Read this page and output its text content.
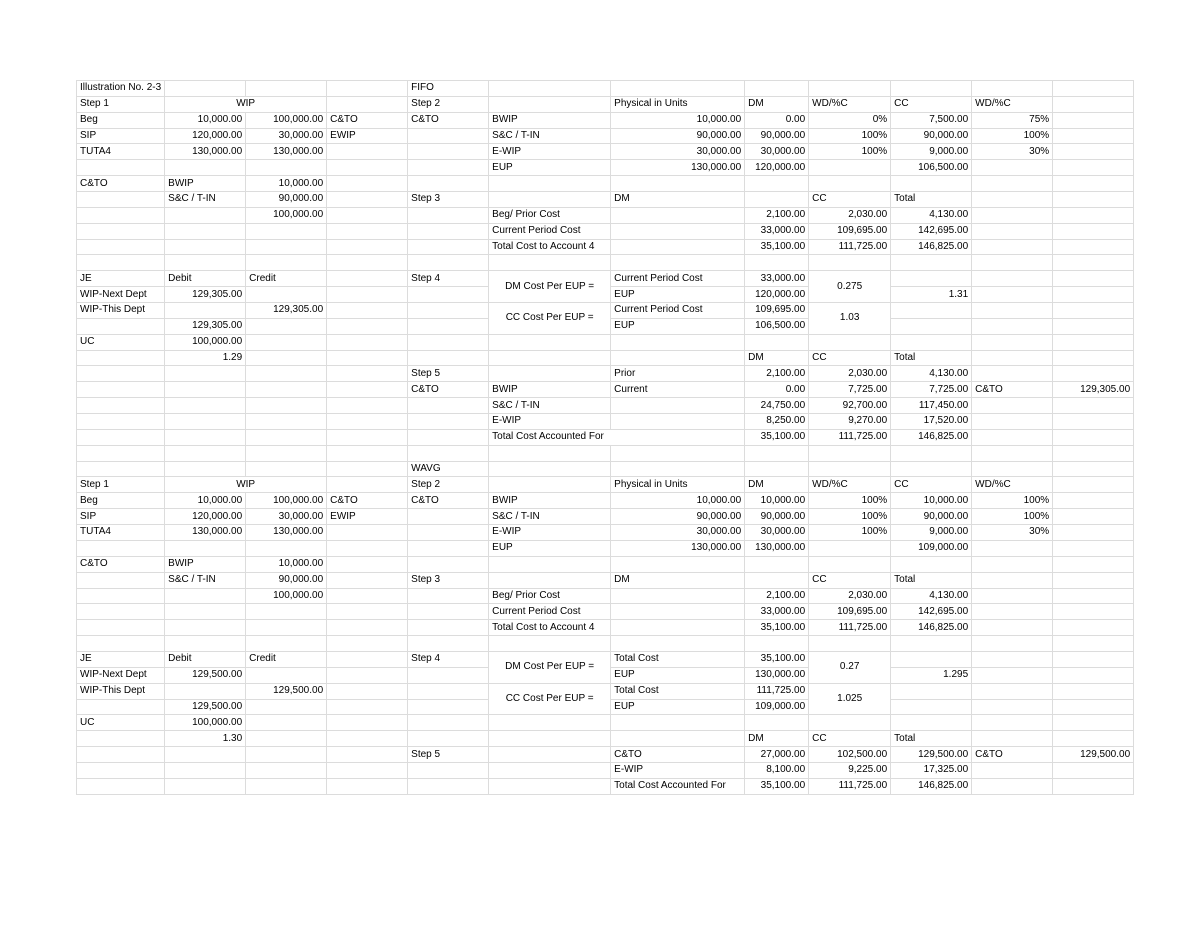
Illustration No. 2-3				FIFO							
Step 1	WIP			Step 2		Physical in Units	DM	WD/%C	CC	WD/%C	
Beg	10,000.00	100,000.00	C&TO	C&TO	BWIP	10,000.00	0.00	0%	7,500.00	75%	
SIP	120,000.00	30,000.00	EWIP		S&C / T-IN	90,000.00	90,000.00	100%	90,000.00	100%	
TUTA4	130,000.00	130,000.00			E-WIP	30,000.00	30,000.00	100%	9,000.00	30%	
					EUP	130,000.00	120,000.00		106,500.00		
C&TO	BWIP	10,000.00									
	S&C / T-IN	90,000.00		Step 3		DM		CC	Total		
		100,000.00			Beg/ Prior Cost		2,100.00	2,030.00	4,130.00		
					Current Period Cost		33,000.00	109,695.00	142,695.00		
					Total Cost to Account 4		35,100.00	111,725.00	146,825.00		

JE	Debit	Credit		Step 4	DM Cost Per EUP =	Current Period Cost	33,000.00	0.275			
WIP-Next Dept	129,305.00					EUP	120,000.00		1.31		
WIP-This Dept		129,305.00			CC Cost Per EUP =	Current Period Cost	109,695.00	1.03			
	129,305.00					EUP	106,500.00				
UC	100,000.00										
	1.29						DM	CC	Total		
				Step 5		Prior	2,100.00	2,030.00	4,130.00		
				C&TO	BWIP	Current	0.00	7,725.00	7,725.00	C&TO	129,305.00
					S&C / T-IN		24,750.00	92,700.00	117,450.00		
					E-WIP		8,250.00	9,270.00	17,520.00		
					Total Cost Accounted For		35,100.00	111,725.00	146,825.00		

				WAVG							
Step 1	WIP			Step 2		Physical in Units	DM	WD/%C	CC	WD/%C	
Beg	10,000.00	100,000.00	C&TO	C&TO	BWIP	10,000.00	10,000.00	100%	10,000.00	100%	
SIP	120,000.00	30,000.00	EWIP		S&C / T-IN	90,000.00	90,000.00	100%	90,000.00	100%	
TUTA4	130,000.00	130,000.00			E-WIP	30,000.00	30,000.00	100%	9,000.00	30%	
					EUP	130,000.00	130,000.00		109,000.00		
C&TO	BWIP	10,000.00									
	S&C / T-IN	90,000.00		Step 3		DM		CC	Total		
		100,000.00			Beg/ Prior Cost		2,100.00	2,030.00	4,130.00		
					Current Period Cost		33,000.00	109,695.00	142,695.00		
					Total Cost to Account 4		35,100.00	111,725.00	146,825.00		

JE	Debit	Credit		Step 4	DM Cost Per EUP =	Total Cost	35,100.00	0.27			
WIP-Next Dept	129,500.00					EUP	130,000.00		1.295		
WIP-This Dept		129,500.00			CC Cost Per EUP =	Total Cost	111,725.00	1.025			
	129,500.00					EUP	109,000.00				
UC	100,000.00										
	1.30						DM	CC	Total		
				Step 5		C&TO	27,000.00	102,500.00	129,500.00	C&TO	129,500.00
						E-WIP	8,100.00	9,225.00	17,325.00		
						Total Cost Accounted For	35,100.00	111,725.00	146,825.00		
